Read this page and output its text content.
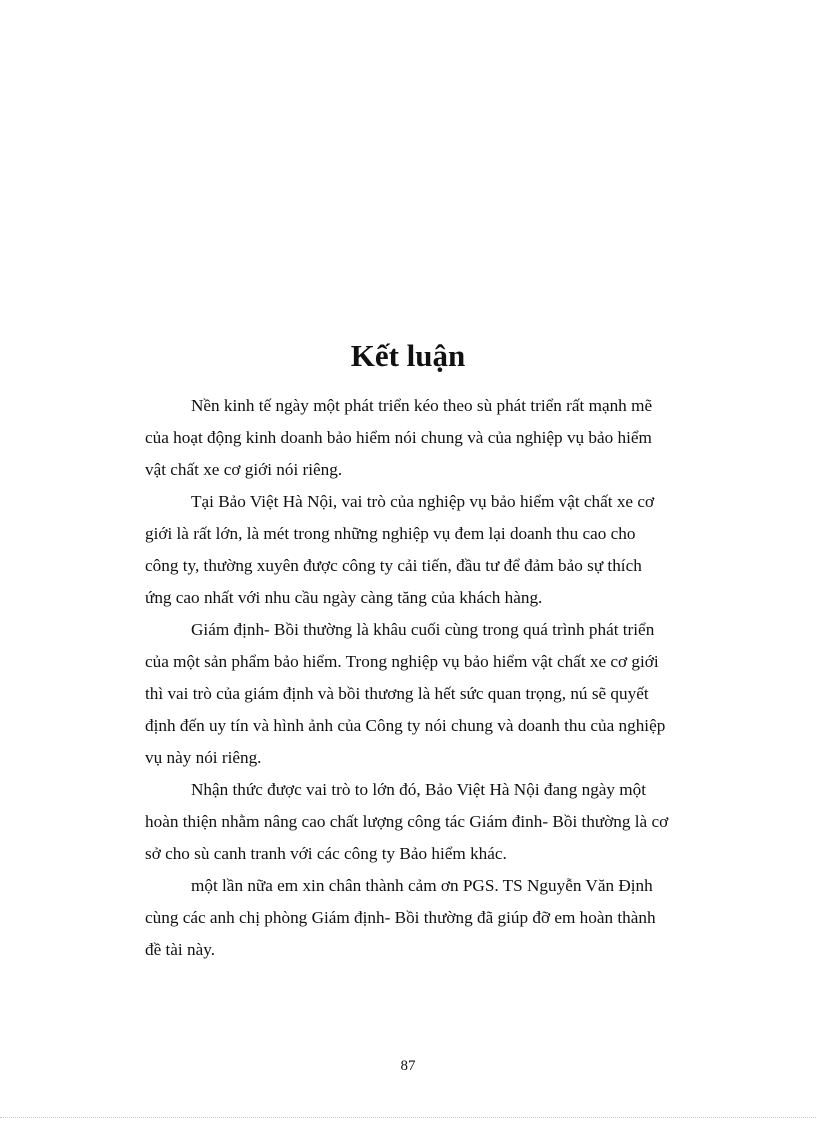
Kết luận
Nền kinh tế ngày một phát triển kéo theo sù phát triển rất mạnh mẽ
của hoạt động kinh doanh bảo hiểm nói chung và của nghiệp vụ bảo hiểm
vật chất xe cơ giới nói riêng.
Tại Bảo Việt Hà Nội, vai trò của nghiệp vụ bảo hiểm vật chất xe cơ
giới là rất lớn, là mét trong những nghiệp vụ đem lại doanh thu cao cho
công ty, thường xuyên được công ty cải tiến, đầu tư để đảm bảo sự thích
ứng cao nhất với nhu cầu ngày càng tăng của khách hàng.
Giám định- Bồi thường là khâu cuối cùng trong quá trình phát triển
của một sản phẩm bảo hiểm. Trong nghiệp vụ bảo hiểm vật chất xe cơ giới
thì vai trò của giám định và bồi thương là hết sức quan trọng, nú sẽ quyết
định đến uy tín và hình ảnh của Công ty nói chung và doanh thu của nghiệp
vụ này nói riêng.
Nhận thức được vai trò to lớn đó, Bảo Việt Hà Nội đang ngày một
hoàn thiện nhằm nâng cao chất lượng công tác Giám đinh- Bồi thường là cơ
sở cho sù canh tranh với các công ty Bảo hiểm khác.
một lần nữa em xin chân thành cảm ơn PGS. TS Nguyễn Văn Định
cùng các anh chị phòng Giám định- Bồi thường đã giúp đỡ em hoàn thành
đề tài này.
87
